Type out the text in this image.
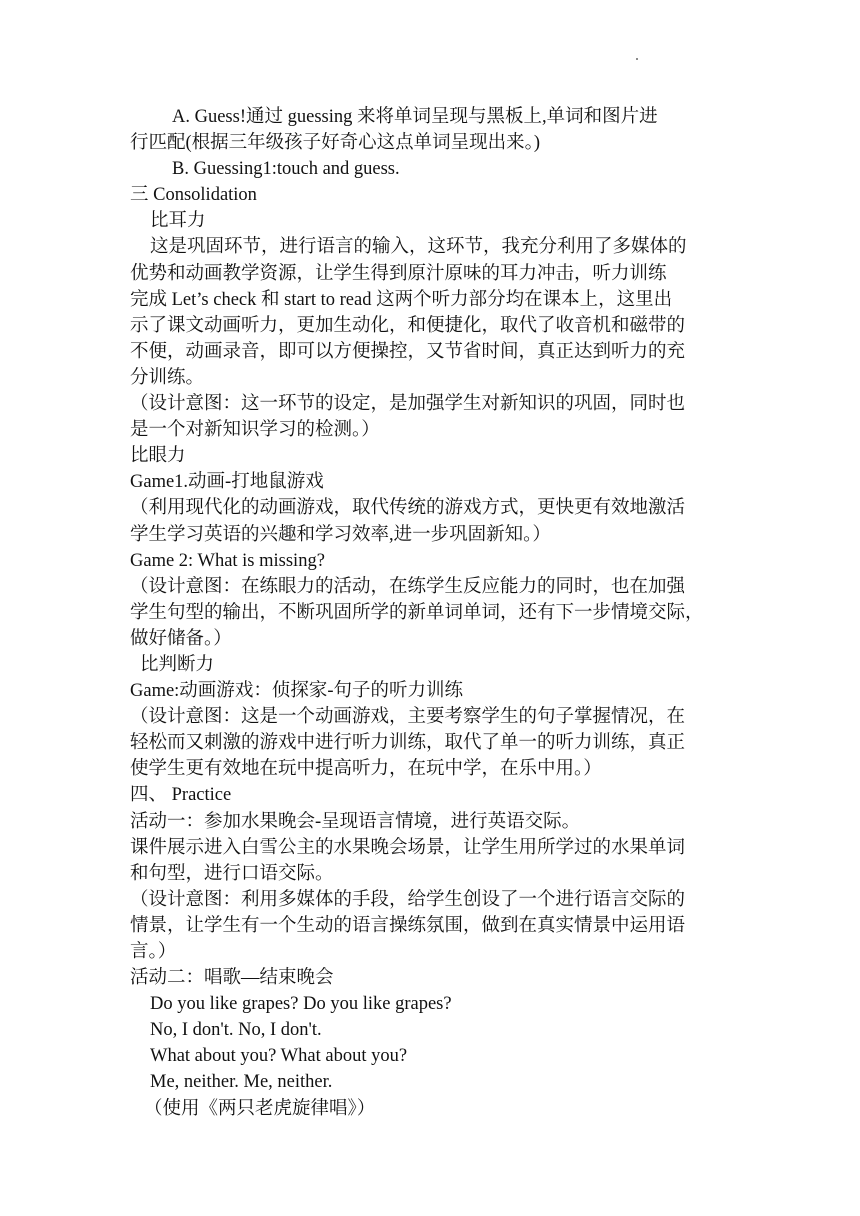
A. Guess!通过 guessing 来将单词呈现与黑板上,单词和图片进
行匹配(根据三年级孩子好奇心这点单词呈现出来。)
B. Guessing1:touch and guess.
三 Consolidation
比耳力
这是巩固环节，进行语言的输入，这环节，我充分利用了多媒体的
优势和动画教学资源，让学生得到原汁原味的耳力冲击，听力训练
完成 Let’s check 和 start to read 这两个听力部分均在课本上，这里出
示了课文动画听力，更加生动化，和便捷化，取代了收音机和磁带的
不便，动画录音，即可以方便操控，又节省时间，真正达到听力的充
分训练。
（设计意图：这一环节的设定，是加强学生对新知识的巩固，同时也
是一个对新知识学习的检测。）
比眼力
Game1.动画-打地鼠游戏
（利用现代化的动画游戏，取代传统的游戏方式，更快更有效地激活
学生学习英语的兴趣和学习效率,进一步巩固新知。）
Game 2: What is missing?
（设计意图：在练眼力的活动，在练学生反应能力的同时，也在加强
学生句型的输出，不断巩固所学的新单词单词，还有下一步情境交际，
做好储备。）
比判断力
Game:动画游戏：侦探家-句子的听力训练
（设计意图：这是一个动画游戏，主要考察学生的句子掌握情况，在
轻松而又刺激的游戏中进行听力训练，取代了单一的听力训练，真正
使学生更有效地在玩中提高听力，在玩中学，在乐中用。）
四、 Practice
活动一：参加水果晚会-呈现语言情境，进行英语交际。
课件展示进入白雪公主的水果晚会场景，让学生用所学过的水果单词
和句型，进行口语交际。
（设计意图：利用多媒体的手段，给学生创设了一个进行语言交际的
情景，让学生有一个生动的语言操练氛围，做到在真实情景中运用语
言。）
活动二：唱歌—结束晚会
Do you like grapes? Do you like grapes?
No, I don't. No, I don't.
What about you? What about you?
Me, neither. Me, neither.
（使用《两只老虎旋律唱》）
